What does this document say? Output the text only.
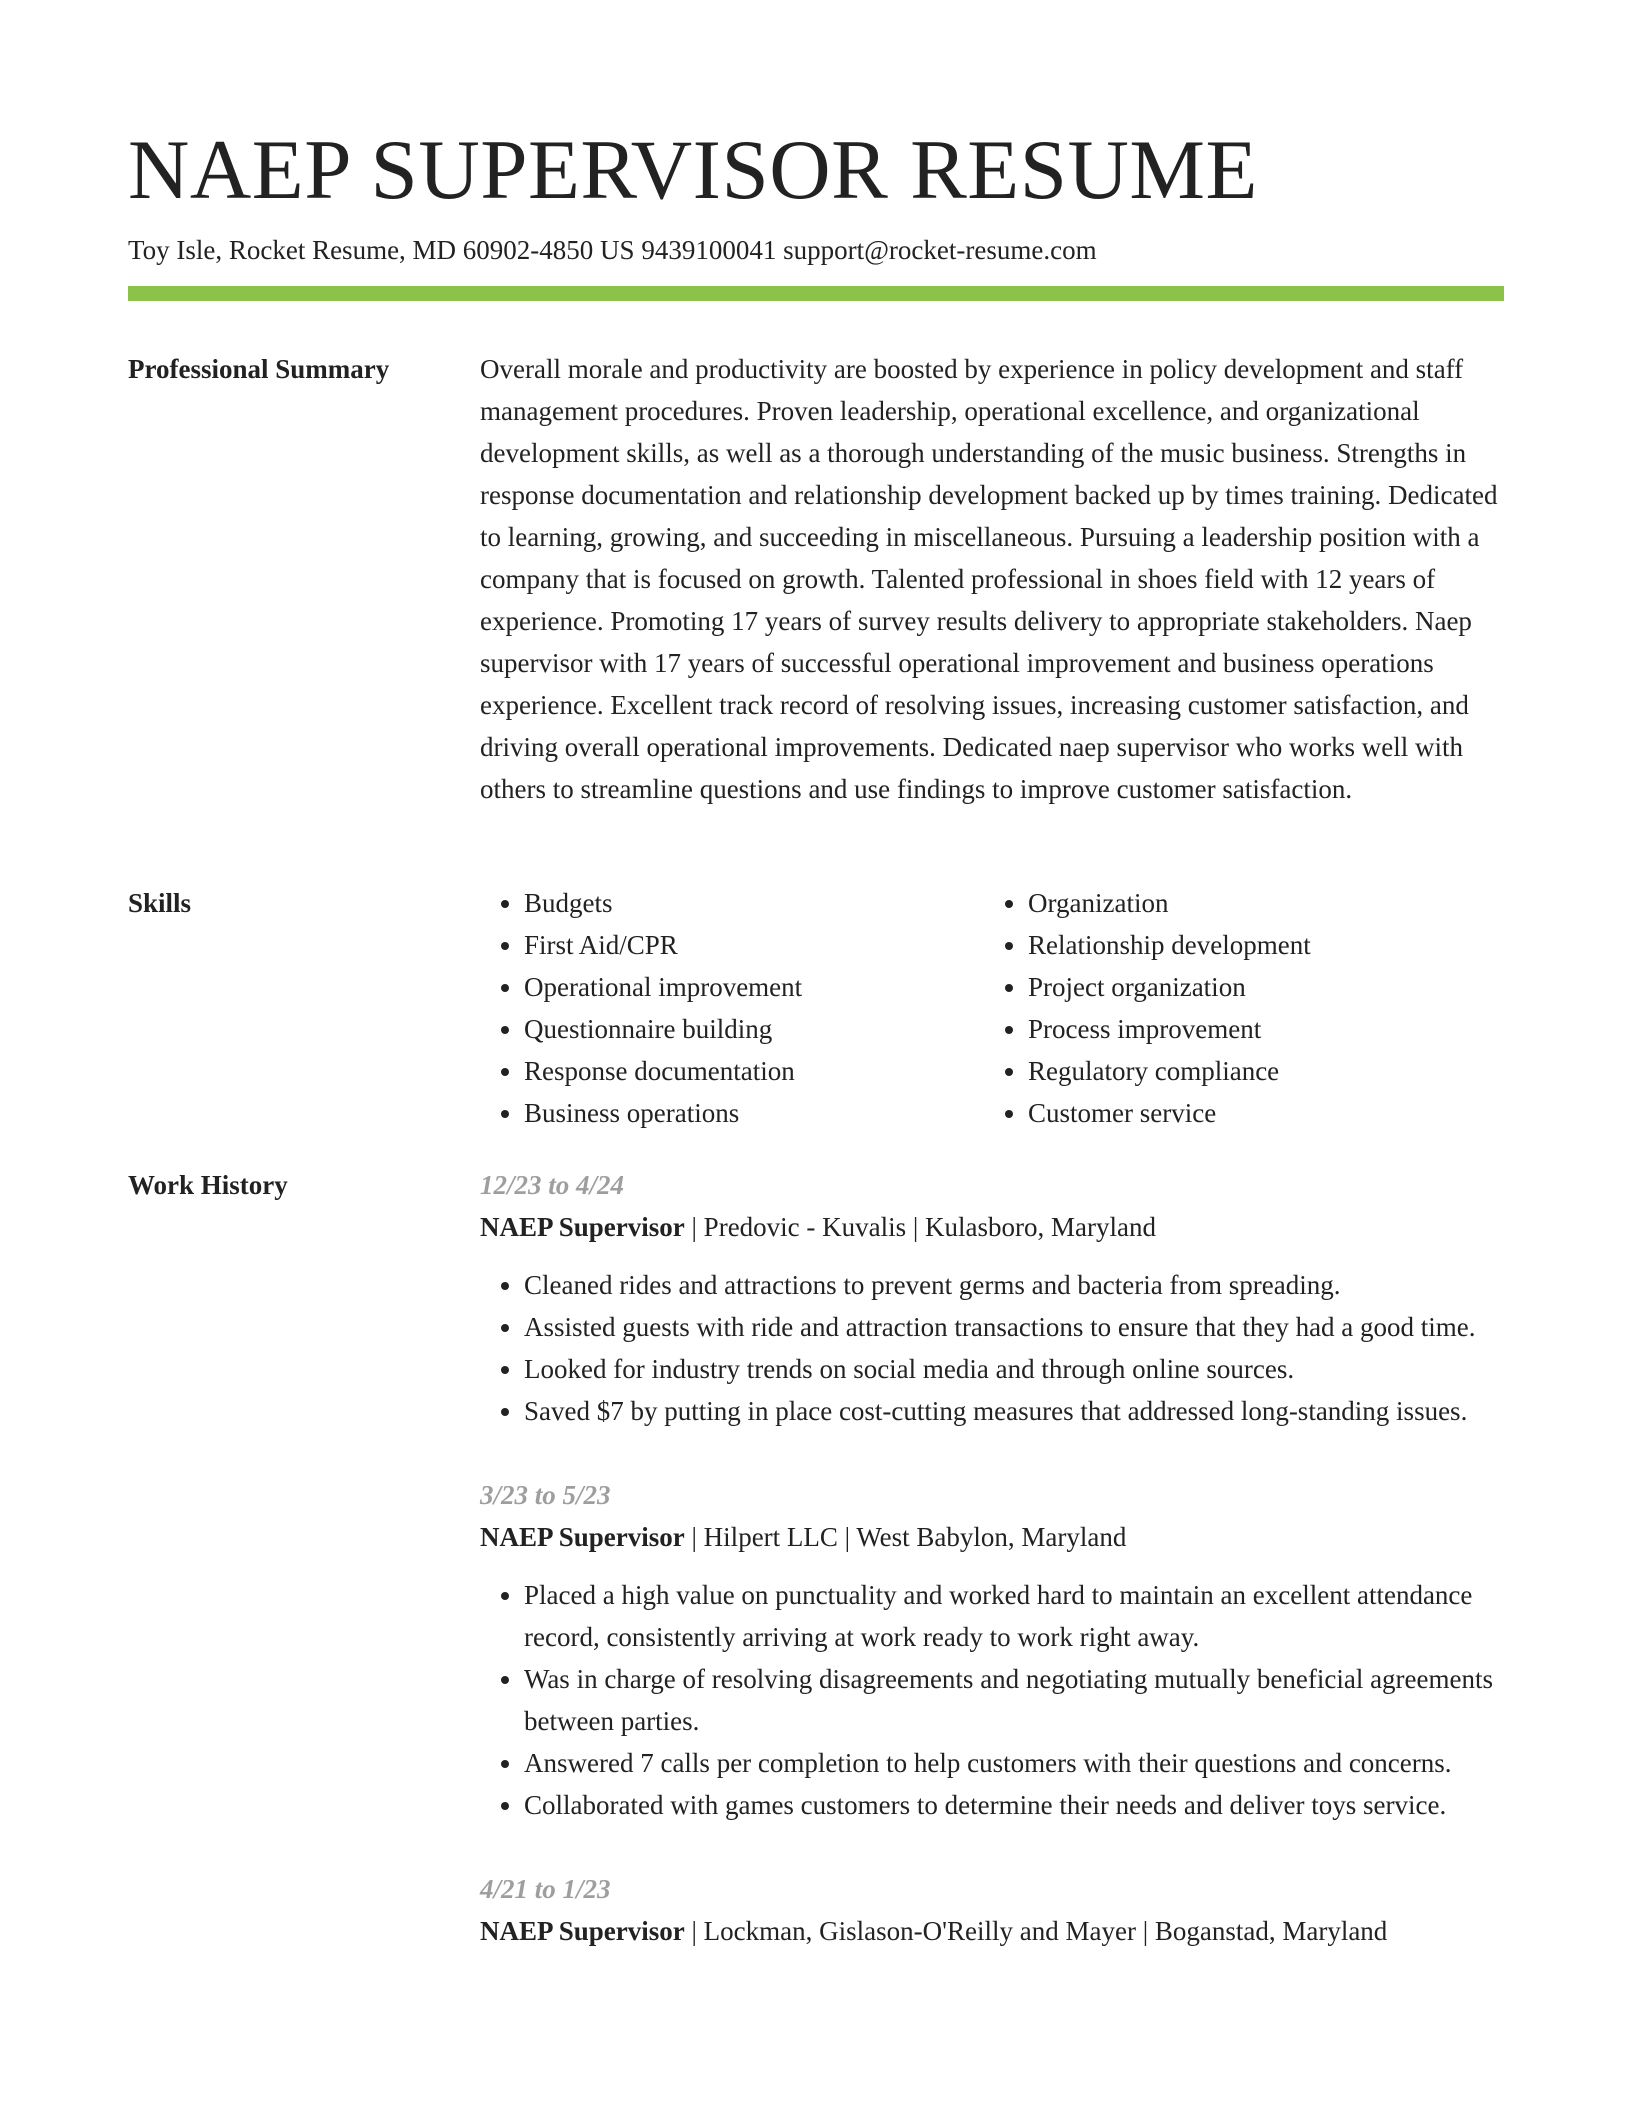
NAEP SUPERVISOR RESUME
Toy Isle, Rocket Resume, MD 60902-4850 US 9439100041 support@rocket-resume.com
Professional Summary	Overall morale and productivity are boosted by experience in policy development and staff management procedures. Proven leadership, operational excellence, and organizational development skills, as well as a thorough understanding of the music business. Strengths in response documentation and relationship development backed up by times training. Dedicated to learning, growing, and succeeding in miscellaneous. Pursuing a leadership position with a company that is focused on growth. Talented professional in shoes field with 12 years of experience. Promoting 17 years of survey results delivery to appropriate stakeholders. Naep supervisor with 17 years of successful operational improvement and business operations experience. Excellent track record of resolving issues, increasing customer satisfaction, and driving overall operational improvements. Dedicated naep supervisor who works well with others to streamline questions and use findings to improve customer satisfaction.

Skills
•	Budgets
• First Aid/CPR
• Operational improvement
• Questionnaire building
• Response documentation
• Business operations
• Organization
• Relationship development
• Project organization
• Process improvement
• Regulatory compliance
• Customer service
Work History	12/23 to 4/24
NAEP Supervisor | Predovic - Kuvalis | Kulasboro, Maryland
• Cleaned rides and attractions to prevent germs and bacteria from spreading.
• Assisted guests with ride and attraction transactions to ensure that they had a good time.
• Looked for industry trends on social media and through online sources.
• Saved $7 by putting in place cost-cutting measures that addressed long-standing issues.
3/23 to 5/23
NAEP Supervisor | Hilpert LLC | West Babylon, Maryland
• Placed a high value on punctuality and worked hard to maintain an excellent attendance record, consistently arriving at work ready to work right away.
• Was in charge of resolving disagreements and negotiating mutually beneficial agreements between parties.
• Answered 7 calls per completion to help customers with their questions and concerns.
• Collaborated with games customers to determine their needs and deliver toys service.
4/21 to 1/23
NAEP Supervisor | Lockman, Gislason-O'Reilly and Mayer | Boganstad, Maryland
